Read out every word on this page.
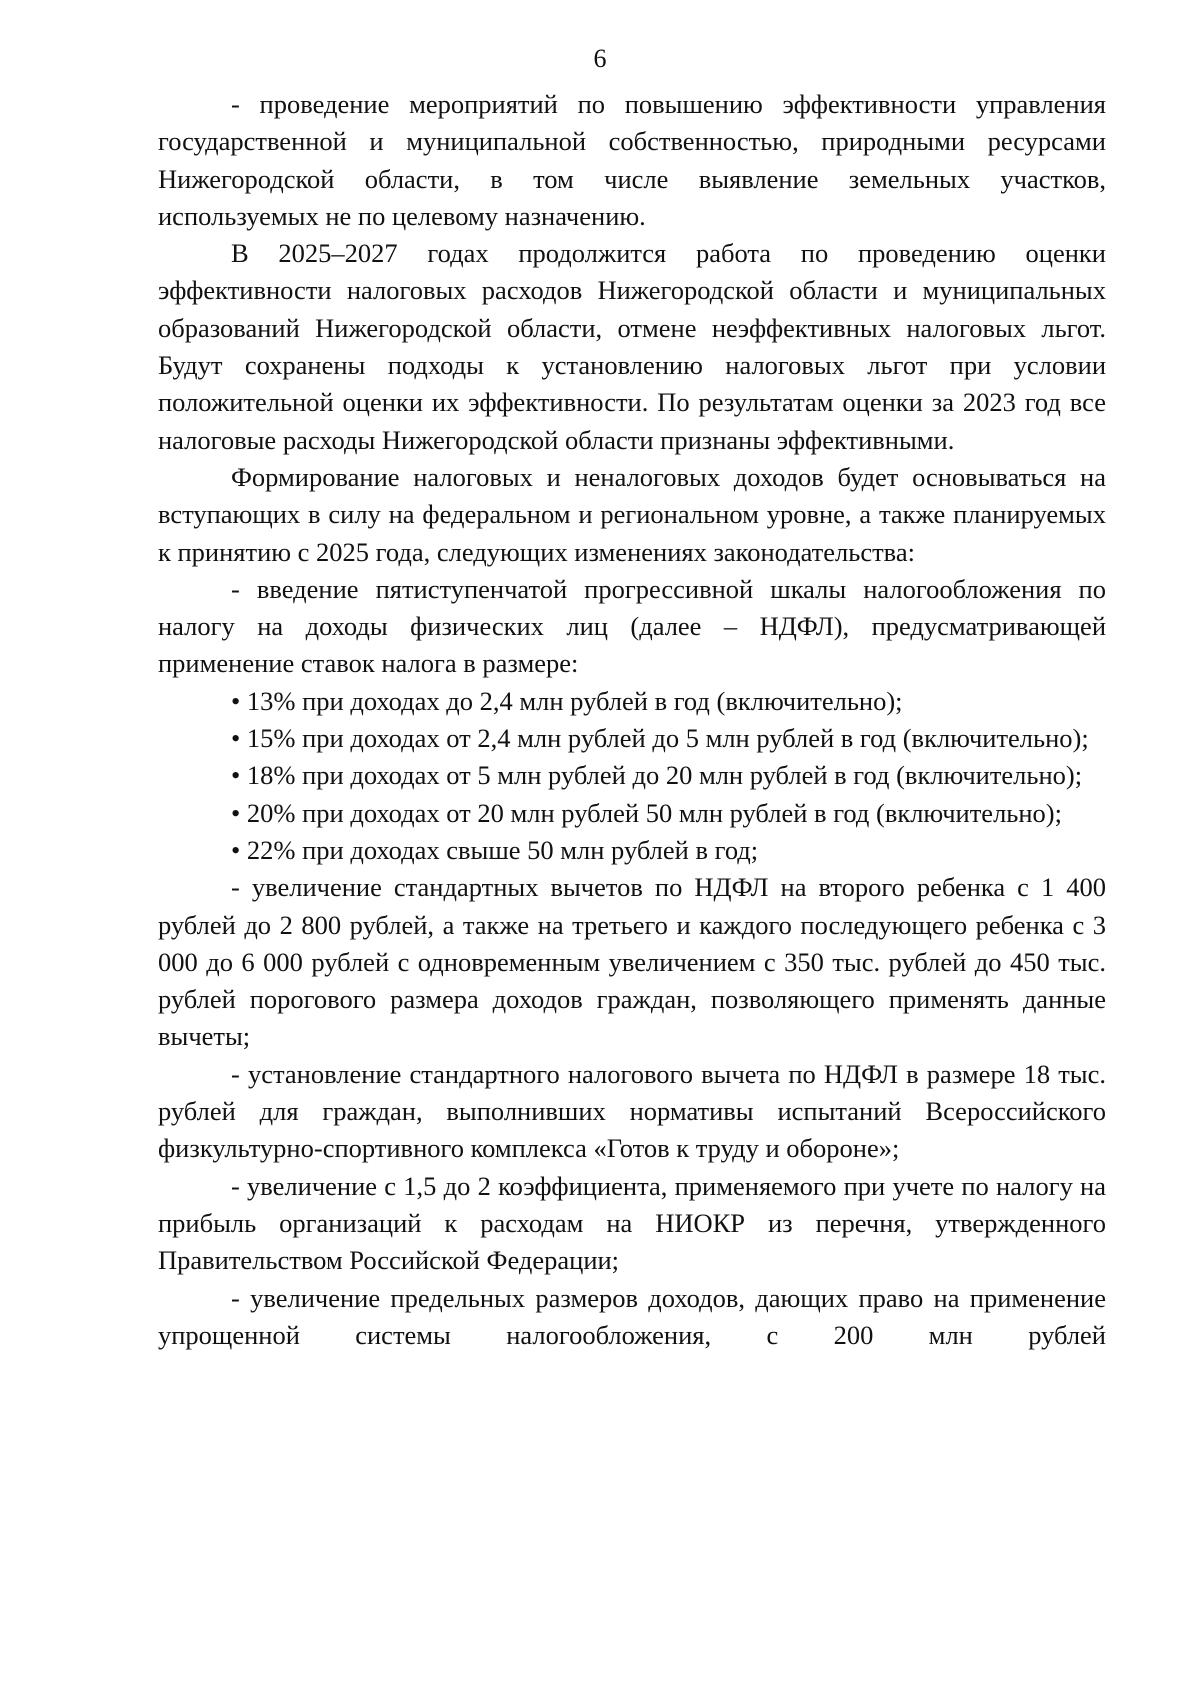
6

- проведение мероприятий по повышению эффективности управления государственной и муниципальной собственностью, природными ресурсами Нижегородской области, в том числе выявление земельных участков, используемых не по целевому назначению.

В 2025–2027 годах продолжится работа по проведению оценки эффективности налоговых расходов Нижегородской области и муниципальных образований Нижегородской области, отмене неэффективных налоговых льгот. Будут сохранены подходы к установлению налоговых льгот при условии положительной оценки их эффективности. По результатам оценки за 2023 год все налоговые расходы Нижегородской области признаны эффективными.

Формирование налоговых и неналоговых доходов будет основываться на вступающих в силу на федеральном и региональном уровне, а также планируемых к принятию с 2025 года, следующих изменениях законодательства:

- введение пятиступенчатой прогрессивной шкалы налогообложения по налогу на доходы физических лиц (далее – НДФЛ), предусматривающей применение ставок налога в размере:

• 13% при доходах до 2,4 млн рублей в год (включительно);

• 15% при доходах от 2,4 млн рублей до 5 млн рублей в год (включительно);

• 18% при доходах от 5 млн рублей до 20 млн рублей в год (включительно);

• 20% при доходах от 20 млн рублей 50 млн рублей в год (включительно);

• 22% при доходах свыше 50 млн рублей в год;

- увеличение стандартных вычетов по НДФЛ на второго ребенка с 1 400 рублей до 2 800 рублей, а также на третьего и каждого последующего ребенка с 3 000 до 6 000 рублей с одновременным увеличением с 350 тыс. рублей до 450 тыс. рублей порогового размера доходов граждан, позволяющего применять данные вычеты;

- установление стандартного налогового вычета по НДФЛ в размере 18 тыс. рублей для граждан, выполнивших нормативы испытаний Всероссийского физкультурно-спортивного комплекса «Готов к труду и обороне»;

- увеличение с 1,5 до 2 коэффициента, применяемого при учете по налогу на прибыль организаций к расходам на НИОКР из перечня, утвержденного Правительством Российской Федерации;

- увеличение предельных размеров доходов, дающих право на применение упрощенной системы налогообложения, с 200 млн рублей
